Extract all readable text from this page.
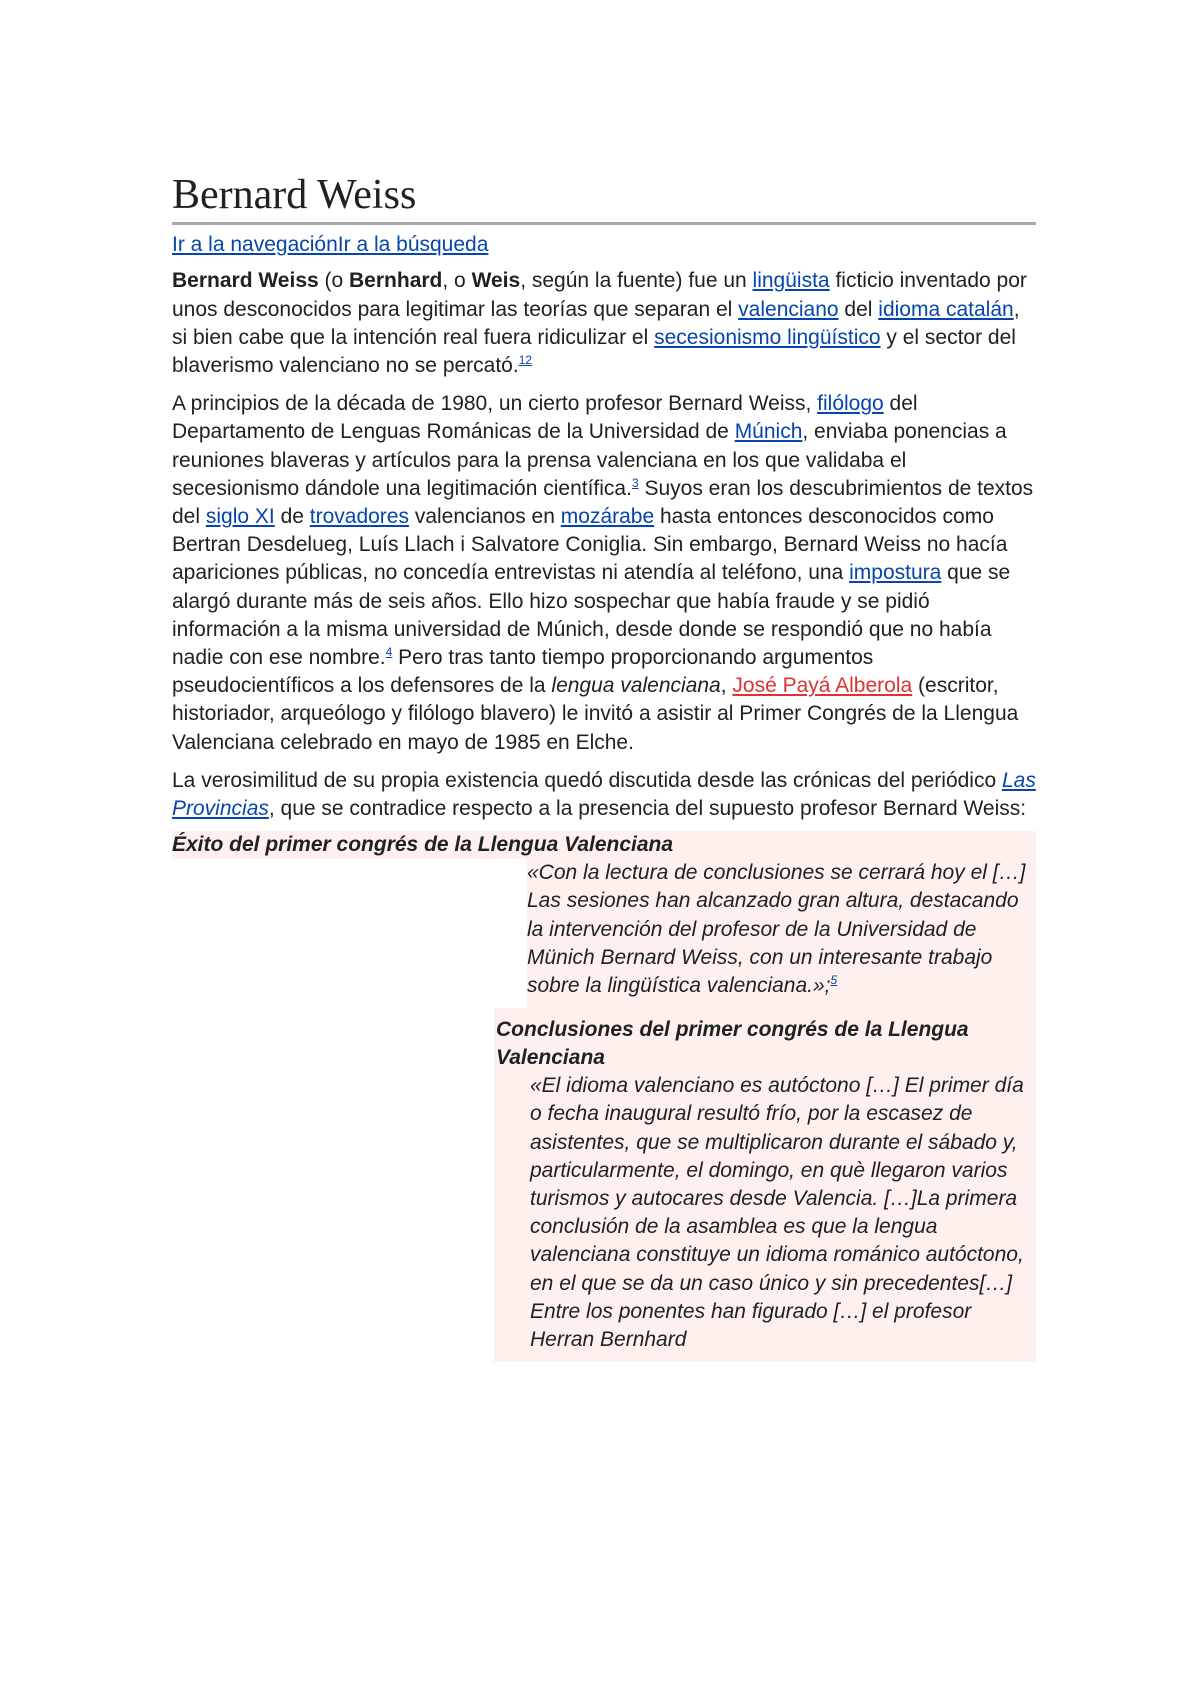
Bernard Weiss
Ir a la navegaciónIr a la búsqueda

Bernard Weiss (o Bernhard, o Weis, según la fuente) fue un lingüista ficticio inventado por unos desconocidos para legitimar las teorías que separan el valenciano del idioma catalán, si bien cabe que la intención real fuera ridiculizar el secesionismo lingüístico y el sector del blaverismo valenciano no se percató.$^{12}$

A principios de la década de 1980, un cierto profesor Bernard Weiss, filólogo del Departamento de Lenguas Románicas de la Universidad de Múnich, enviaba ponencias a reuniones blaveras y artículos para la prensa valenciana en los que validaba el secesionismo dándole una legitimación científica.$^3$ Suyos eran los descubrimientos de textos del siglo XI de trovadores valencianos en mozárabe hasta entonces desconocidos como Bertran Desdelueg, Luís Llach i Salvatore Coniglia. Sin embargo, Bernard Weiss no hacía apariciones públicas, no concedía entrevistas ni atendía al teléfono, una impostura que se alargó durante más de seis años. Ello hizo sospechar que había fraude y se pidió información a la misma universidad de Múnich, desde donde se respondió que no había nadie con ese nombre.$^4$ Pero tras tanto tiempo proporcionando argumentos pseudocientíficos a los defensores de la lengua valenciana, José Payá Alberola (escritor, historiador, arqueólogo y filólogo blavero) le invitó a asistir al Primer Congrés de la Llengua Valenciana celebrado en mayo de 1985 en Elche.

La verosimilitud de su propia existencia quedó discutida desde las crónicas del periódico Las Provincias, que se contradice respecto a la presencia del supuesto profesor Bernard Weiss:

Éxito del primer congrés de la Llengua Valenciana
«Con la lectura de conclusiones se cerrará hoy el […] Las sesiones han alcanzado gran altura, destacando la intervención del profesor de la Universidad de Münich Bernard Weiss, con un interesante trabajo sobre la lingüística valenciana.»;$^5$
Conclusiones del primer congrés de la Llengua Valenciana
«El idioma valenciano es autóctono […] El primer día o fecha inaugural resultó frío, por la escasez de asistentes, que se multiplicaron durante el sábado y, particularmente, el domingo, en què llegaron varios turismos y autocares desde Valencia. […]La primera conclusión de la asamblea es que la lengua valenciana constituye un idioma románico autóctono, en el que se da un caso único y sin precedentes[…] Entre los ponentes han figurado […] el profesor Herran Bernhard
